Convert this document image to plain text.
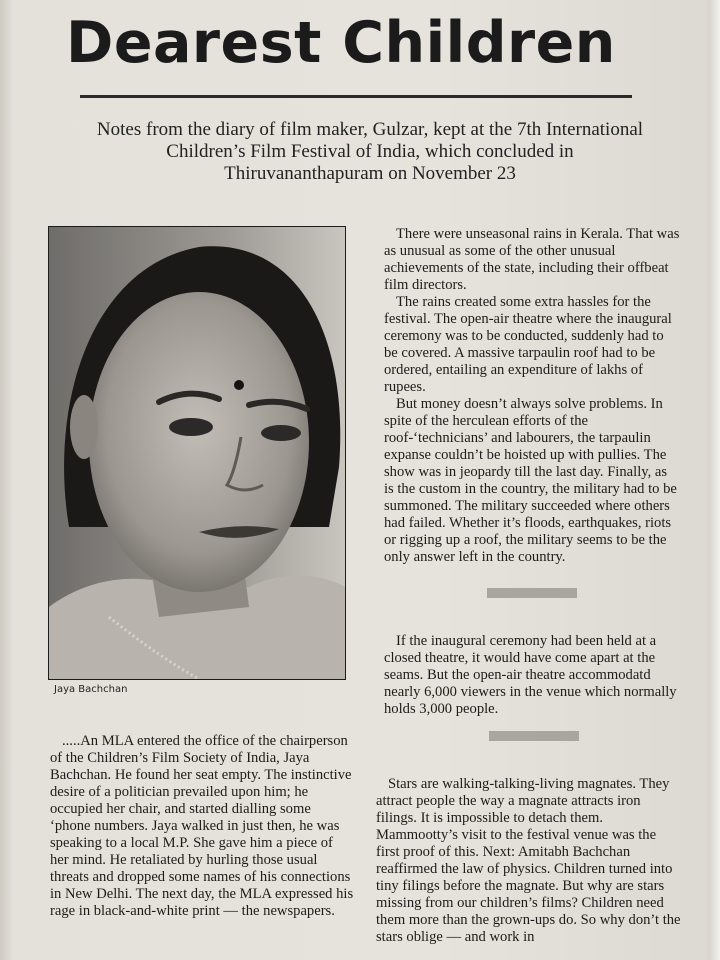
Dearest Children
Notes from the diary of film maker, Gulzar, kept at the 7th International Children’s Film Festival of India, which concluded in Thiruvananthapuram on November 23
Jaya Bachchan

There were unseasonal rains in Kerala. That was as unusual as some of the other unusual achievements of the state, including their offbeat film directors.

The rains created some extra hassles for the festival. The open-air theatre where the inaugural ceremony was to be conducted, suddenly had to be covered. A massive tarpaulin roof had to be ordered, entailing an expenditure of lakhs of rupees.

But money doesn’t always solve problems. In spite of the herculean efforts of the roof-‘technicians’ and labourers, the tarpaulin expanse couldn’t be hoisted up with pullies. The show was in jeopardy till the last day. Finally, as is the custom in the country, the military had to be summoned. The military succeeded where others had failed. Whether it’s floods, earthquakes, riots or rigging up a roof, the military seems to be the only answer left in the country.

If the inaugural ceremony had been held at a closed theatre, it would have come apart at the seams. But the open-air theatre accommodatd nearly 6,000 viewers in the venue which normally holds 3,000 people.

Stars are walking-talking-living magnates. They attract people the way a magnate attracts iron filings. It is impossible to detach them. Mammootty’s visit to the festival venue was the first proof of this. Next: Amitabh Bachchan reaffirmed the law of physics. Children turned into tiny filings before the magnate. But why are stars missing from our children’s films? Children need them more than the grown-ups do. So why don’t the stars oblige — and work in

.....An MLA entered the office of the chairperson of the Children’s Film Society of India, Jaya Bachchan. He found her seat empty. The instinctive desire of a politician prevailed upon him; he occupied her chair, and started dialling some ‘phone numbers. Jaya walked in just then, he was speaking to a local M.P. She gave him a piece of her mind. He retaliated by hurling those usual threats and dropped some names of his connections in New Delhi. The next day, the MLA expressed his rage in black-and-white print — the newspapers.
